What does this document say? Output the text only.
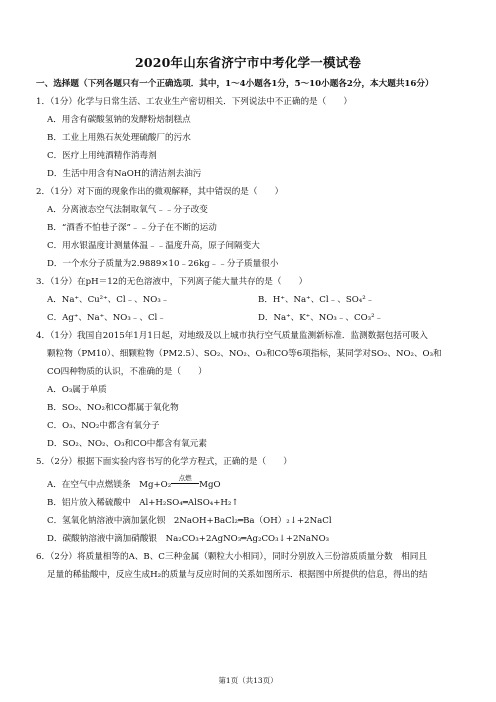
2020年山东省济宁市中考化学一模试卷
一、选择题（下列各题只有一个正确选项．其中，1～4小题各1分，5～10小题各2分，本大题共16分）
1．（1分）化学与日常生活、工农业生产密切相关．下列说法中不正确的是（　　）
A．用含有碳酸氢钠的发酵粉焙制糕点
B．工业上用熟石灰处理硫酸厂的污水
C．医疗上用纯酒精作消毒剂
D．生活中用含有NaOH的清洁剂去油污
2．（1分）对下面的现象作出的微观解释，其中错误的是（　　）
A．分离液态空气法制取氧气﹣﹣分子改变
B．“酒香不怕巷子深”﹣﹣分子在不断的运动
C．用水银温度计测量体温﹣﹣温度升高，原子间隔变大
D．一个水分子质量为2.9889×10﹣26kg﹣﹣分子质量很小
3．（1分）在pH＝12的无色溶液中，下列离子能大量共存的是（　　）
A．Na⁺、Cu²⁺、Cl﹣、NO₃﹣	B．H⁺、Na⁺、Cl﹣、SO₄²﹣
C．Ag⁺、Na⁺、NO₃﹣、Cl﹣	D．Na⁺、K⁺、NO₃﹣、CO₃²﹣
4．（1分）我国自2015年1月1日起，对地级及以上城市执行空气质量监测新标准．监测数据包括可吸入
颗粒物（PM10）、细颗粒物（PM2.5）、SO₂、NO₂、O₃和CO等6项指标，某同学对SO₂、NO₂、O₃和
CO四种物质的认识，不准确的是（　　）
A．O₃属于单质
B．SO₂、NO₂和CO都属于氧化物
C．O₃、NO₂中都含有氧分子
D．SO₂、NO₂、O₃和CO中都含有氧元素
5．（2分）根据下面实验内容书写的化学方程式，正确的是（　　）
A．在空气中点燃镁条　Mg+O₂
点燃
MgO
B．铝片放入稀硫酸中　Al+H₂SO₄═AlSO₄+H₂↑
C．氢氧化钠溶液中滴加氯化钡　2NaOH+BaCl₂═Ba（OH）₂↓+2NaCl
D．碳酸钠溶液中滴加硝酸银　Na₂CO₃+2AgNO₃═Ag₂CO₃↓+2NaNO₃
6．（2分）将质量相等的A、B、C三种金属（颗粒大小相同），同时分别放入三份溶质质量分数　相同且
足量的稀盐酸中，反应生成H₂的质量与反应时间的关系如图所示．根据图中所提供的信息，得出的结
第1页（共13页）
